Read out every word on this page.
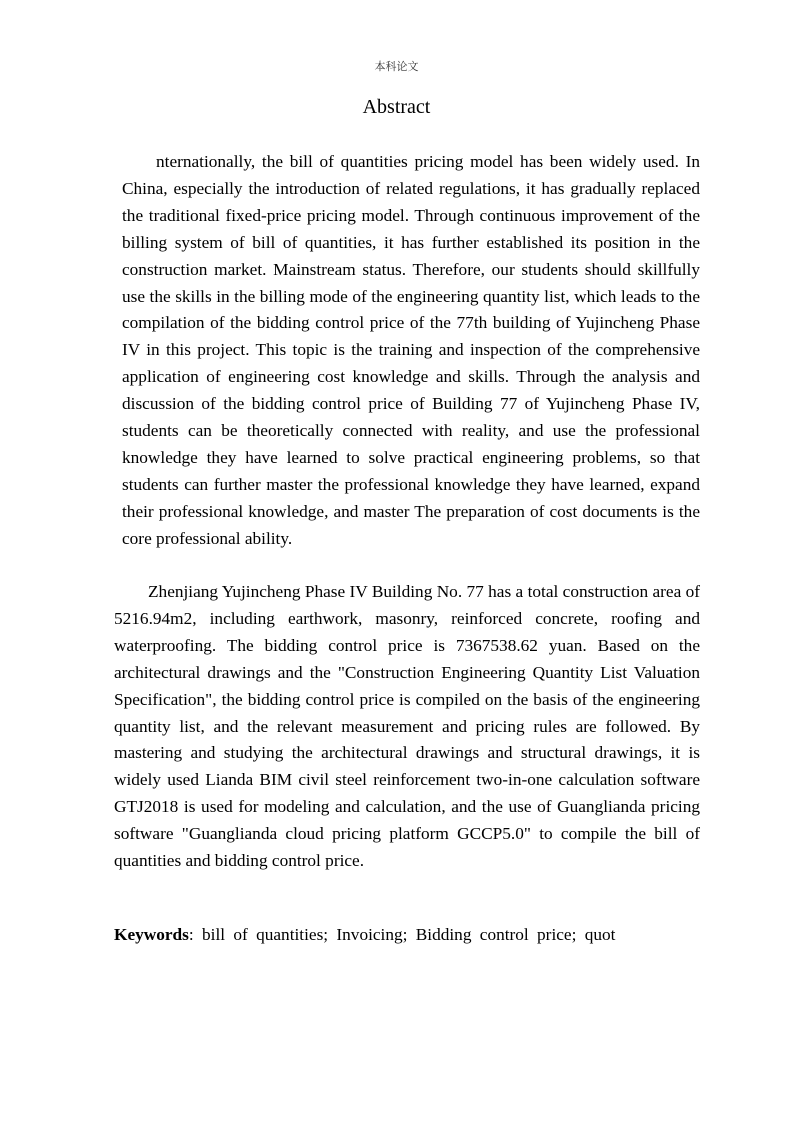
本科论文
Abstract

nternationally, the bill of quantities pricing model has been widely used. In China, especially the introduction of related regulations, it has gradually replaced the traditional fixed-price pricing model. Through continuous improvement of the billing system of bill of quantities, it has further established its position in the construction market. Mainstream status. Therefore, our students should skillfully use the skills in the billing mode of the engineering quantity list, which leads to the compilation of the bidding control price of the 77th building of Yujincheng Phase IV in this project. This topic is the training and inspection of the comprehensive application of engineering cost knowledge and skills. Through the analysis and discussion of the bidding control price of Building 77 of Yujincheng Phase IV, students can be theoretically connected with reality, and use the professional knowledge they have learned to solve practical engineering problems, so that students can further master the professional knowledge they have learned, expand their professional knowledge, and master The preparation of cost documents is the core professional ability.

Zhenjiang Yujincheng Phase IV Building No. 77 has a total construction area of 5216.94m2, including earthwork, masonry, reinforced concrete, roofing and waterproofing. The bidding control price is 7367538.62 yuan. Based on the architectural drawings and the "Construction Engineering Quantity List Valuation Specification", the bidding control price is compiled on the basis of the engineering quantity list, and the relevant measurement and pricing rules are followed. By mastering and studying the architectural drawings and structural drawings, it is widely used Lianda BIM civil steel reinforcement two-in-one calculation software GTJ2018 is used for modeling and calculation, and the use of Guanglianda pricing software "Guanglianda cloud pricing platform GCCP5.0" to compile the bill of quantities and bidding control price.

Keywords: bill of quantities; Invoicing; Bidding control price; quot
